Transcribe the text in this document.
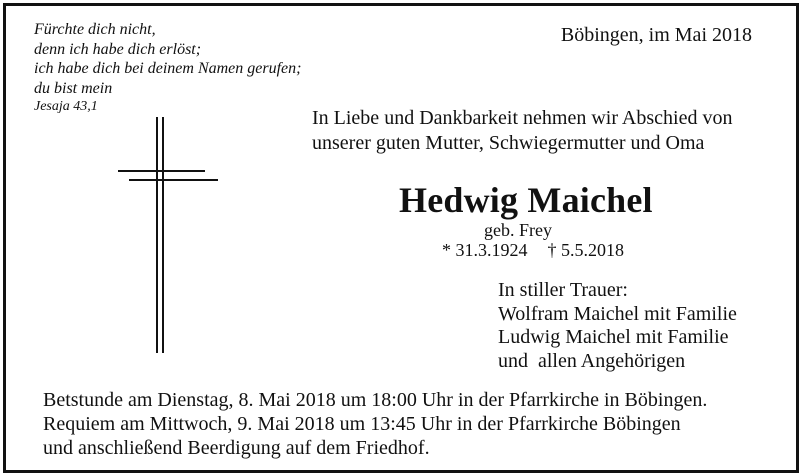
Fürchte dich nicht,
denn ich habe dich erlöst;
ich habe dich bei deinem Namen gerufen;
du bist mein
Jesaja 43,1
Böbingen, im Mai 2018
In Liebe und Dankbarkeit nehmen wir Abschied von
unserer guten Mutter, Schwiegermutter und Oma
Hedwig Maichel
geb. Frey
* 31.3.1924 † 5.5.2018
In stiller Trauer:
Wolfram Maichel mit Familie
Ludwig Maichel mit Familie
und  allen Angehörigen
Betstunde am Dienstag, 8. Mai 2018 um 18:00 Uhr in der Pfarrkirche in Böbingen.
Requiem am Mittwoch, 9. Mai 2018 um 13:45 Uhr in der Pfarrkirche Böbingen
und anschließend Beerdigung auf dem Friedhof.
